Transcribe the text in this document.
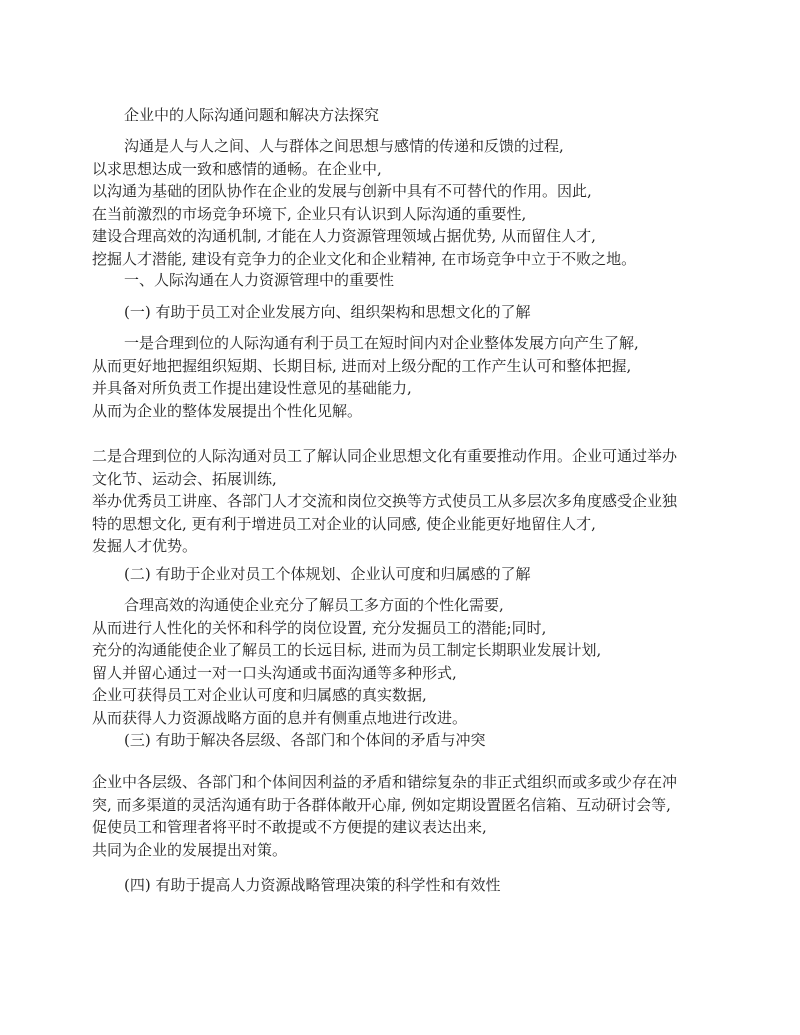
企业中的人际沟通问题和解决方法探究
沟通是人与人之间、人与群体之间思想与感情的传递和反馈的过程,
以求思想达成一致和感情的通畅。在企业中,
以沟通为基础的团队协作在企业的发展与创新中具有不可替代的作用。因此,
在当前激烈的市场竞争环境下, 企业只有认识到人际沟通的重要性,
建设合理高效的沟通机制, 才能在人力资源管理领域占据优势, 从而留住人才,
挖掘人才潜能, 建设有竞争力的企业文化和企业精神, 在市场竞争中立于不败之地。
一、人际沟通在人力资源管理中的重要性
(一) 有助于员工对企业发展方向、组织架构和思想文化的了解
一是合理到位的人际沟通有利于员工在短时间内对企业整体发展方向产生了解,
从而更好地把握组织短期、长期目标, 进而对上级分配的工作产生认可和整体把握,
并具备对所负责工作提出建设性意见的基础能力,
从而为企业的整体发展提出个性化见解。
二是合理到位的人际沟通对员工了解认同企业思想文化有重要推动作用。企业可通过举办
文化节、运动会、拓展训练,
举办优秀员工讲座、各部门人才交流和岗位交换等方式使员工从多层次多角度感受企业独
特的思想文化, 更有利于增进员工对企业的认同感, 使企业能更好地留住人才,
发掘人才优势。
(二) 有助于企业对员工个体规划、企业认可度和归属感的了解
合理高效的沟通使企业充分了解员工多方面的个性化需要,
从而进行人性化的关怀和科学的岗位设置, 充分发掘员工的潜能;同时,
充分的沟通能使企业了解员工的长远目标, 进而为员工制定长期职业发展计划,
留人并留心通过一对一口头沟通或书面沟通等多种形式,
企业可获得员工对企业认可度和归属感的真实数据,
从而获得人力资源战略方面的息并有侧重点地进行改进。
(三) 有助于解决各层级、各部门和个体间的矛盾与冲突
企业中各层级、各部门和个体间因利益的矛盾和错综复杂的非正式组织而或多或少存在冲
突, 而多渠道的灵活沟通有助于各群体敞开心扉, 例如定期设置匿名信箱、互动研讨会等,
促使员工和管理者将平时不敢提或不方便提的建议表达出来,
共同为企业的发展提出对策。
(四) 有助于提高人力资源战略管理决策的科学性和有效性
